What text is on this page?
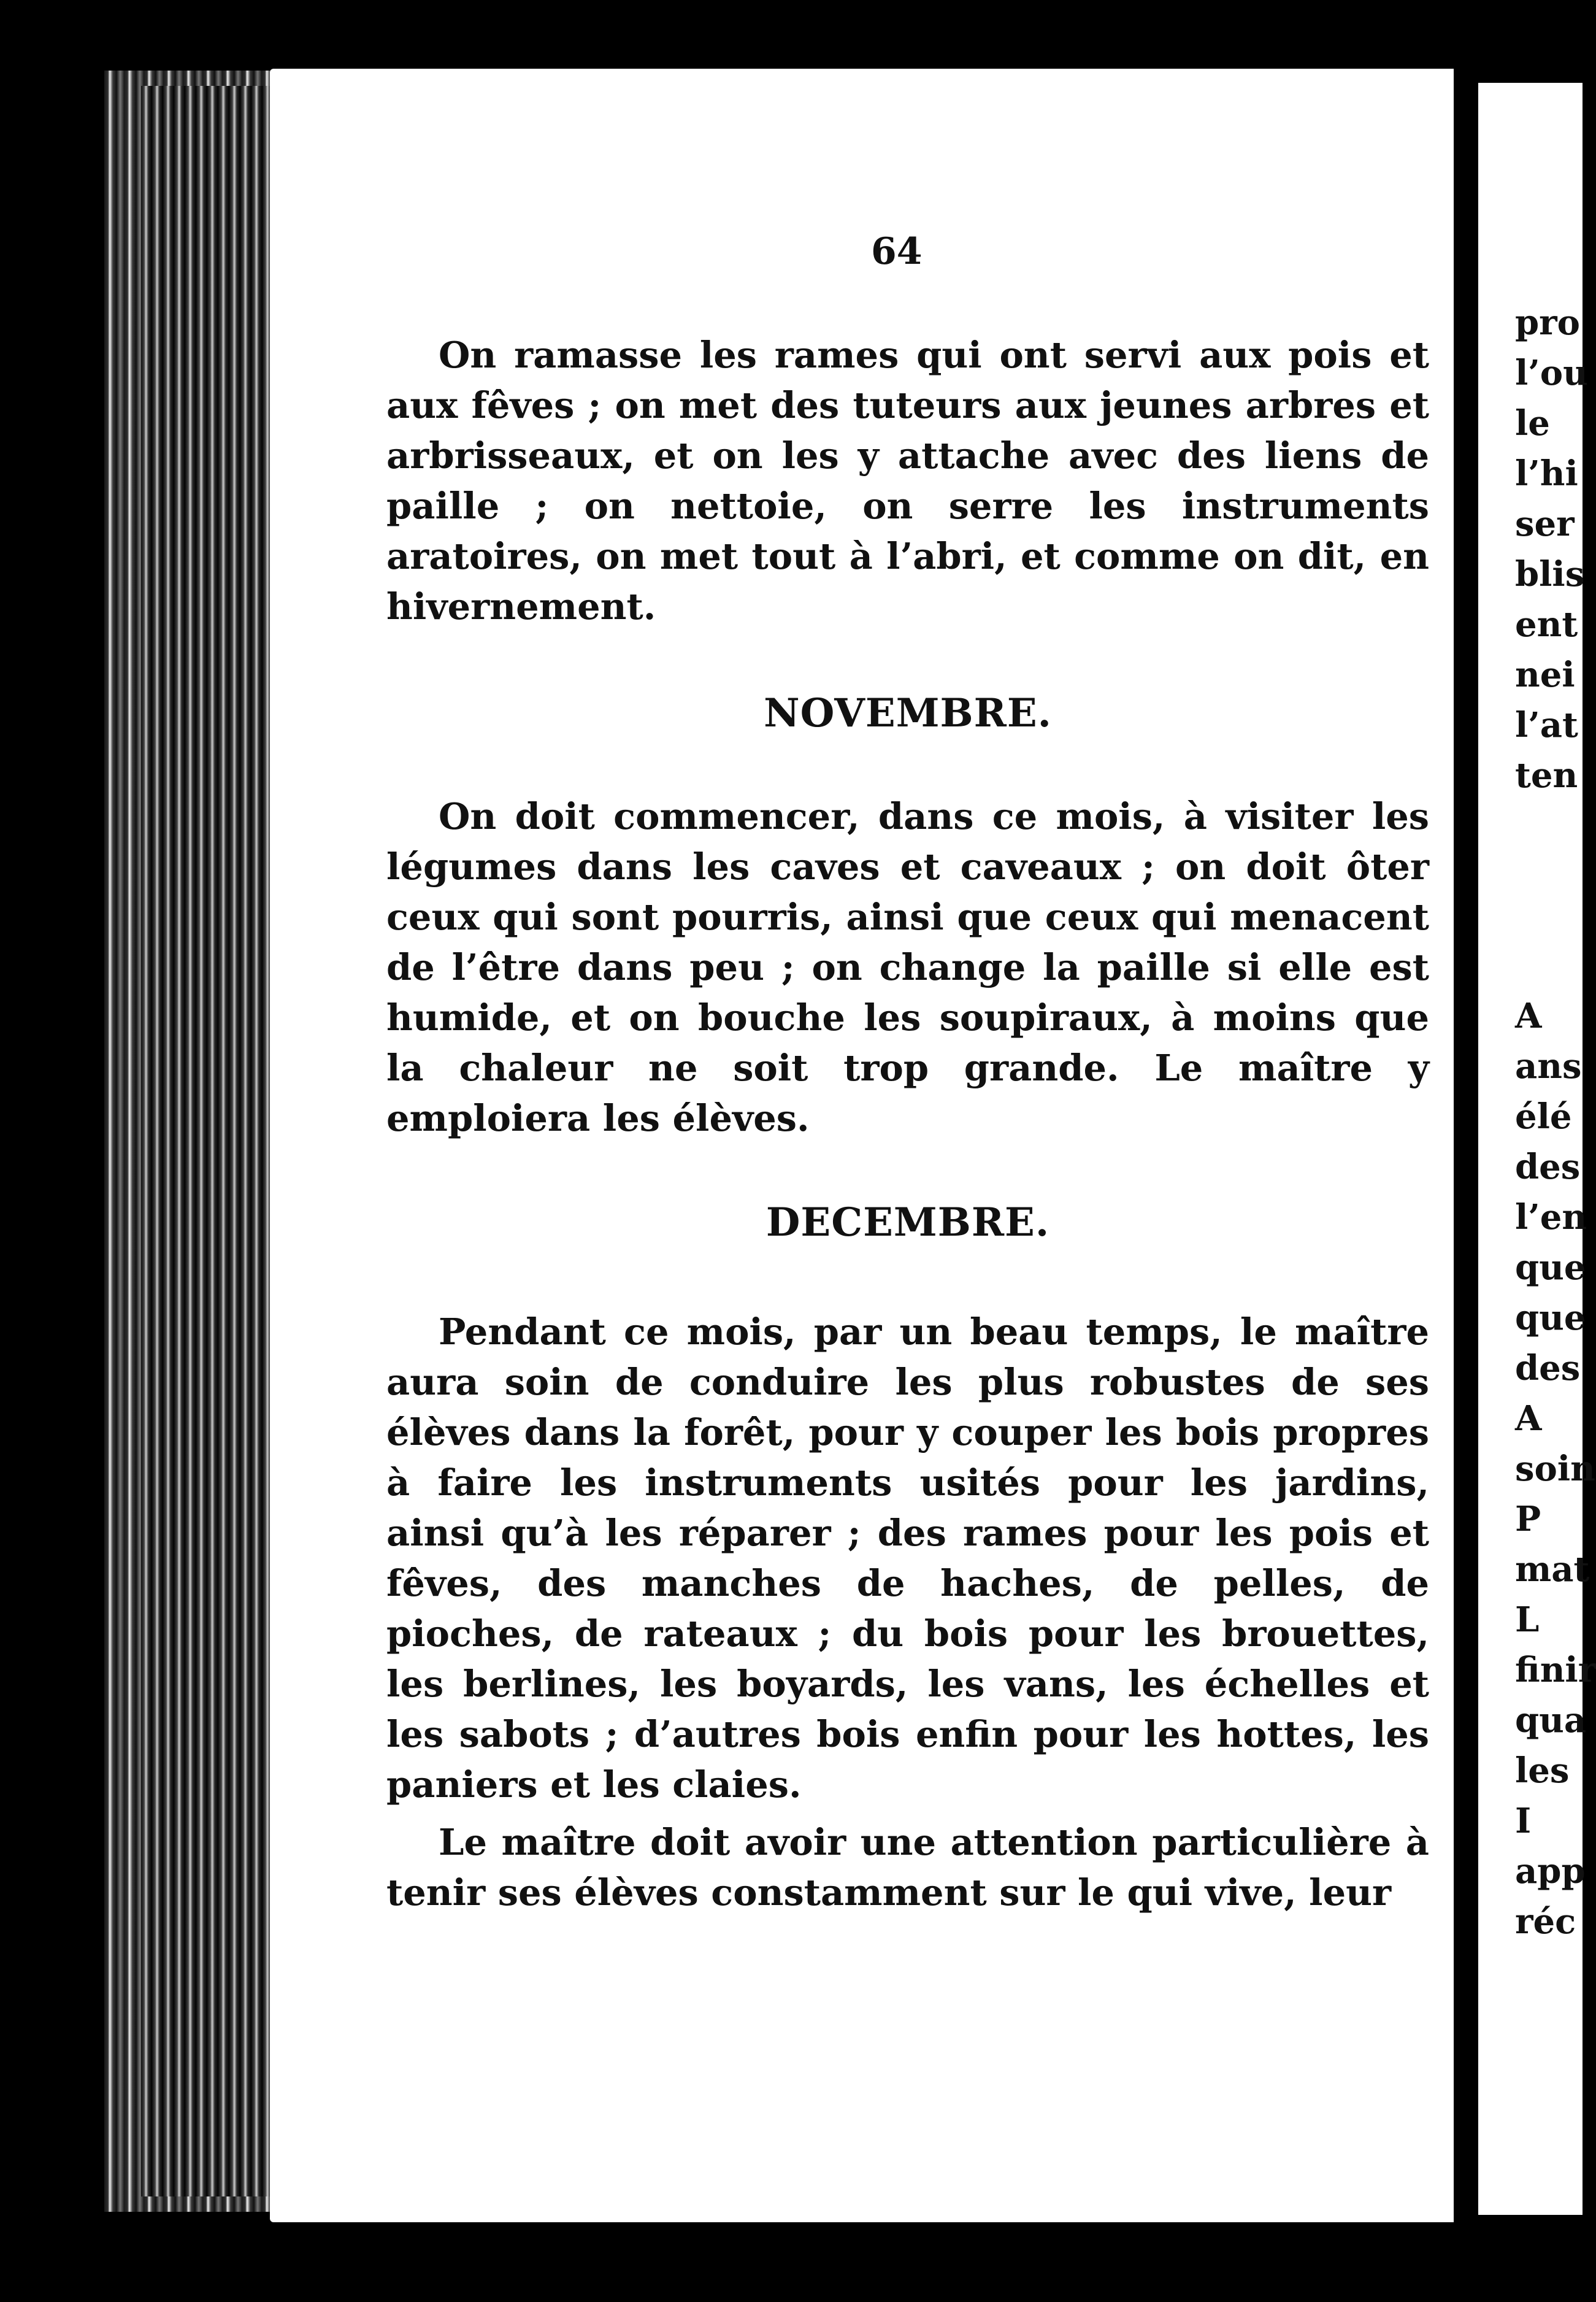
64
On ramasse les rames qui ont servi aux pois et aux fêves ; on met des tuteurs aux jeunes arbres et arbrisseaux, et on les y attache avec des liens de paille ; on nettoie, on serre les instruments aratoires, on met tout à l’abri, et comme on dit, en hivernement.
NOVEMBRE.
On doit commencer, dans ce mois, à visiter les légumes dans les caves et caveaux ; on doit ôter ceux qui sont pourris, ainsi que ceux qui menacent de l’être dans peu ; on change la paille si elle est humide, et on bouche les soupiraux, à moins que la chaleur ne soit trop grande. Le maître y emploiera les élèves.
DECEMBRE.
Pendant ce mois, par un beau temps, le maître aura soin de conduire les plus robustes de ses élèves dans la forêt, pour y couper les bois propres à faire les instruments usités pour les jardins, ainsi qu’à les réparer ; des rames pour les pois et fêves, des manches de haches, de pelles, de pioches, de rateaux ; du bois pour les brouettes, les berlines, les boyards, les vans, les échelles et les sabots ; d’autres bois enfin pour les hottes, les paniers et les claies.
Le maître doit avoir une attention particulière à tenir ses élèves constamment sur le qui vive, leur
pro
l’ou
le
l’hi
ser
blis
ent
nei
l’at
ten
A
ans
élé
des
l’en
que
que
des
A
soin
P
mat
L
finir
qua
les
I
app
réc
